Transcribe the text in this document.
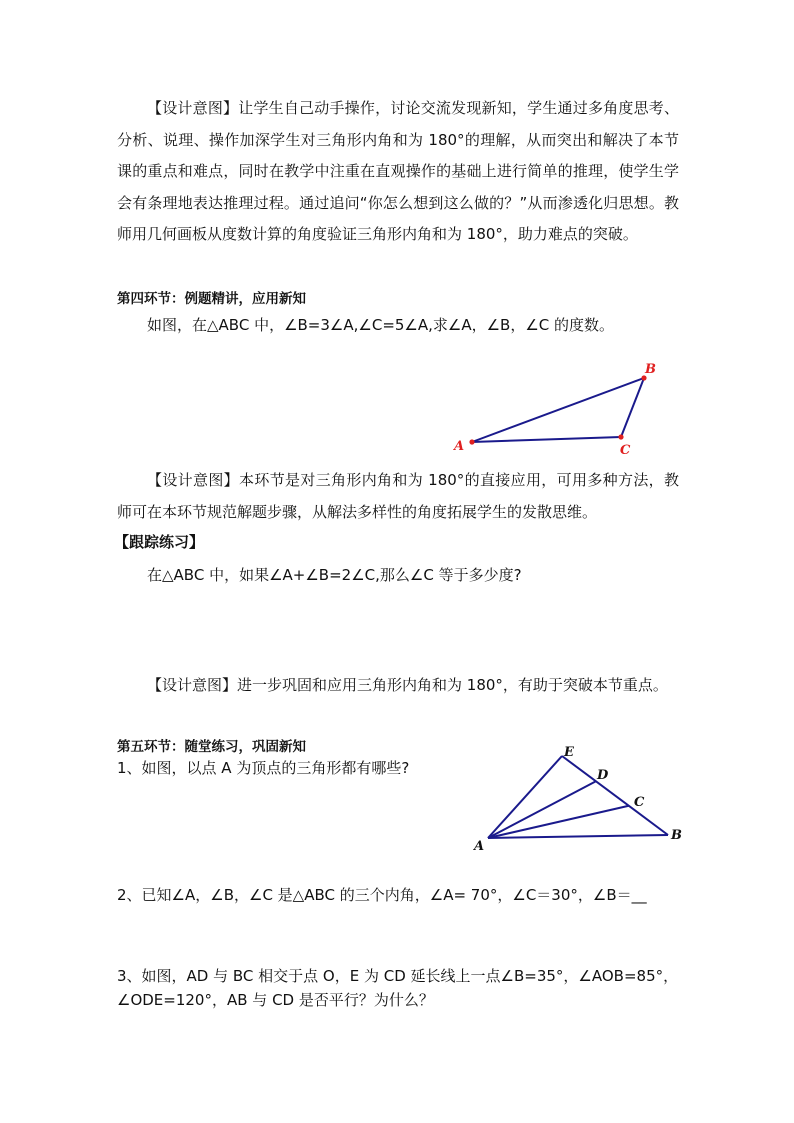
【设计意图】让学生自己动手操作，讨论交流发现新知，学生通过多角度思考、分析、说理、操作加深学生对三角形内角和为 180°的理解，从而突出和解决了本节课的重点和难点，同时在教学中注重在直观操作的基础上进行简单的推理，使学生学会有条理地表达推理过程。通过追问“你怎么想到这么做的？”从而渗透化归思想。教师用几何画板从度数计算的角度验证三角形内角和为 180°，助力难点的突破。

第四环节：例题精讲，应用新知
如图，在△ABC 中，∠B=3∠A,∠C=5∠A,求∠A，∠B，∠C 的度数。
A
B
C

【设计意图】本环节是对三角形内角和为 180°的直接应用，可用多种方法，教师可在本环节规范解题步骤，从解法多样性的角度拓展学生的发散思维。

【跟踪练习】
在△ABC 中，如果∠A+∠B=2∠C,那么∠C 等于多少度?

【设计意图】进一步巩固和应用三角形内角和为 180°，有助于突破本节重点。

第五环节：随堂练习，巩固新知
1、如图，以点 A 为顶点的三角形都有哪些?
A
B
C
D
E
2、已知∠A，∠B，∠C 是△ABC 的三个内角，∠A= 70°，∠C＝30°，∠B＝__
3、如图，AD 与 BC 相交于点 O，E 为 CD 延长线上一点∠B=35°，∠AOB=85°，
∠ODE=120°，AB 与 CD 是否平行？为什么？
